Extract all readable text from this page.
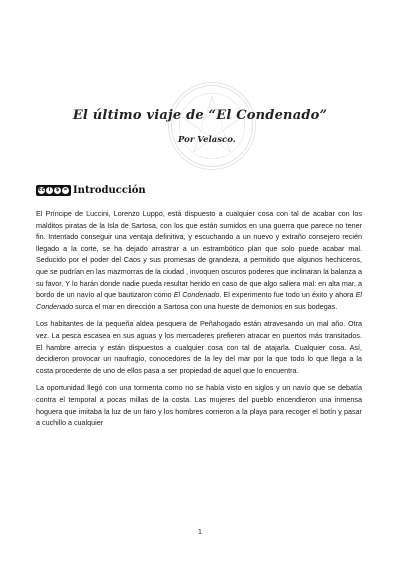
El último viaje de “El Condenado”
Por Velasco.
cc i	$ = Introducción

El Príncipe de Luccini, Lorenzo Luppo, está dispuesto a cualquier cosa con tal de acabar con los malditos piratas de la Isla de Sartosa, con los que están sumidos en una guerra que parece no tener fin. Intentado conseguir una ventaja definitiva, y escuchando a un nuevo y extraño consejero recién llegado a la corte, se ha dejado arrastrar a un estrambótico plan que solo puede acabar mal. Seducido por el poder del Caos y sus promesas de grandeza, a permitido que algunos hechiceros, que se pudrían en las mazmorras de la ciudad , invoquen oscuros poderes que inclinaran la balanza a su favor. Y lo harán donde nadie pueda resultar herido en caso de que algo saliera mal: en alta mar, a bordo de un navío al que bautizaron como El Condenado. El experimento fue todo un éxito y ahora El Condenado surca el mar en dirección a Sartosa con una hueste de demonios en sus bodegas.

Los habitantes de la pequeña aldea pesquera de Peñahogado están atravesando un mal año. Otra vez. La pesca escasea en sus aguas y los mercaderes prefieren atracar en puertos más transitados. El hambre arrecia y están dispuestos a cualquier cosa con tal de atajarla. Cualquier cosa. Así, decidieron provocar un naufragio, conocedores de la ley del mar por la que todo lo que llega a la costa procedente de uno de ellos pasa a ser propiedad de aquel que lo encuentra.

La oportunidad llegó con una tormenta como no se había visto en siglos y un navío que se debatía contra el temporal a pocas millas de la costa. Las mujeres del pueblo encendieron una inmensa hoguera que imitaba la luz de un faro y los hombres corrieron a la playa para recoger el botín y pasar a cuchillo a cualquier

1
